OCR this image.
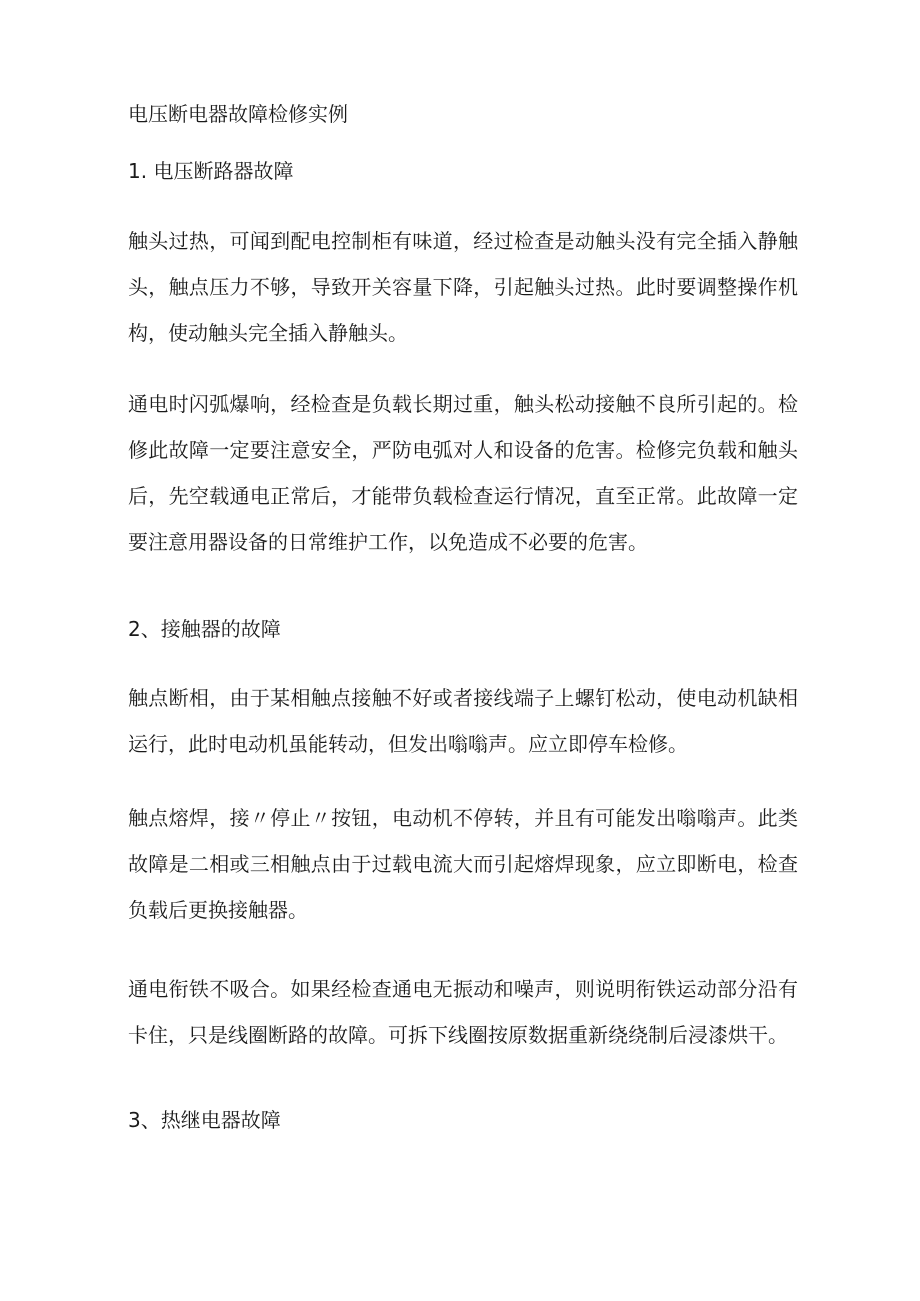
电压断电器故障检修实例
1. 电压断路器故障
触头过热，可闻到配电控制柜有味道，经过检查是动触头没有完全插入静触头，触点压力不够，导致开关容量下降，引起触头过热。此时要调整操作机构，使动触头完全插入静触头。
通电时闪弧爆响，经检查是负载长期过重，触头松动接触不良所引起的。检修此故障一定要注意安全，严防电弧对人和设备的危害。检修完负载和触头后，先空载通电正常后，才能带负载检查运行情况，直至正常。此故障一定要注意用器设备的日常维护工作，以免造成不必要的危害。
2、接触器的故障
触点断相，由于某相触点接触不好或者接线端子上螺钉松动，使电动机缺相运行，此时电动机虽能转动，但发出嗡嗡声。应立即停车检修。
触点熔焊，接〃停止〃按钮，电动机不停转，并且有可能发出嗡嗡声。此类故障是二相或三相触点由于过载电流大而引起熔焊现象，应立即断电，检查负载后更换接触器。
通电衔铁不吸合。如果经检查通电无振动和噪声，则说明衔铁运动部分沿有卡住，只是线圈断路的故障。可拆下线圈按原数据重新绕绕制后浸漆烘干。
3、热继电器故障
